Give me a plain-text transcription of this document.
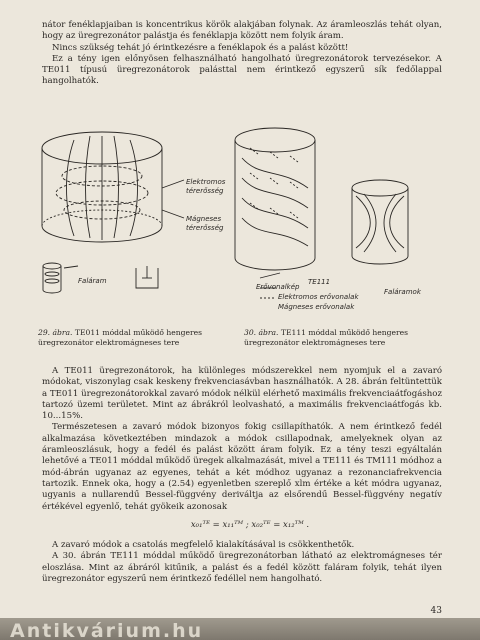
nátor fenéklapjaiban is koncentrikus körök alakjában folynak. Az áramleoszlás tehát olyan, hogy az üregrezonátor palástja és fenéklapja között nem folyik áram.

Nincs szükség tehát jó érintkezésre a fenéklapok és a palást között!

Ez a tény igen előnyösen felhasználható hangolható üregrezonátorok tervezésekor. A TE011 típusú üregrezonátorok palásttal nem érintkező egyszerű sík fedőlappal hangolhatók.

Elektromos térerősség
Mágneses térerősség
Faláram
29. ábra. TE011 móddal működő hengeres üregrezonátor elektromágneses tere
TE111
Erővonalkép
Elektromos erővonalak
Mágneses erővonalak
Faláramok
30. ábra. TE111 móddal működő hengeres üregrezonátor elektromágneses tere

A TE011 üregrezonátorok, ha különleges módszerekkel nem nyomjuk el a zavaró módokat, viszonylag csak keskeny frekvenciasávban használhatók. A 28. ábrán feltüntettük a TE011 üregrezonátorokkal zavaró módok nélkül elérhető maximális frekvenciaátfogáshoz tartozó üzemi területet. Mint az ábrákról leolvasható, a maximális frekvenciaátfogás kb. 10...15%.

Természetesen a zavaró módok bizonyos fokig csillapíthatók. A nem érintkező fedél alkalmazása következtében mindazok a módok csillapodnak, amelyeknek olyan az áramleoszlásuk, hogy a fedél és palást között áram folyik. Ez a tény teszi egyáltalán lehetővé a TE011 móddal működő üregek alkalmazását, mivel a TE111 és TM111 módhoz a mód-ábrán ugyanaz az egyenes, tehát a két módhoz ugyanaz a rezonanciafrekvencia tartozik. Ennek oka, hogy a (2.54) egyenletben szereplő xlm értéke a két módra ugyanaz, ugyanis a nullarendű Bessel-függvény deriváltja az elsőrendű Bessel-függvény negatív értékével egyenlő, tehát gyökeik azonosak

x₀₁ᵀᴱ = x₁₁ᵀᴹ ; x₀₂ᵀᴱ = x₁₂ᵀᴹ .

A zavaró módok a csatolás megfelelő kialakításával is csökkenthetők.

A 30. ábrán TE111 móddal működő üregrezonátorban látható az elektromágneses tér eloszlása. Mint az ábráról kitűnik, a palást és a fedél között faláram folyik, tehát ilyen üregrezonátor egyszerű nem érintkező fedéllel nem hangolható.

43
Antikvárium.hu
